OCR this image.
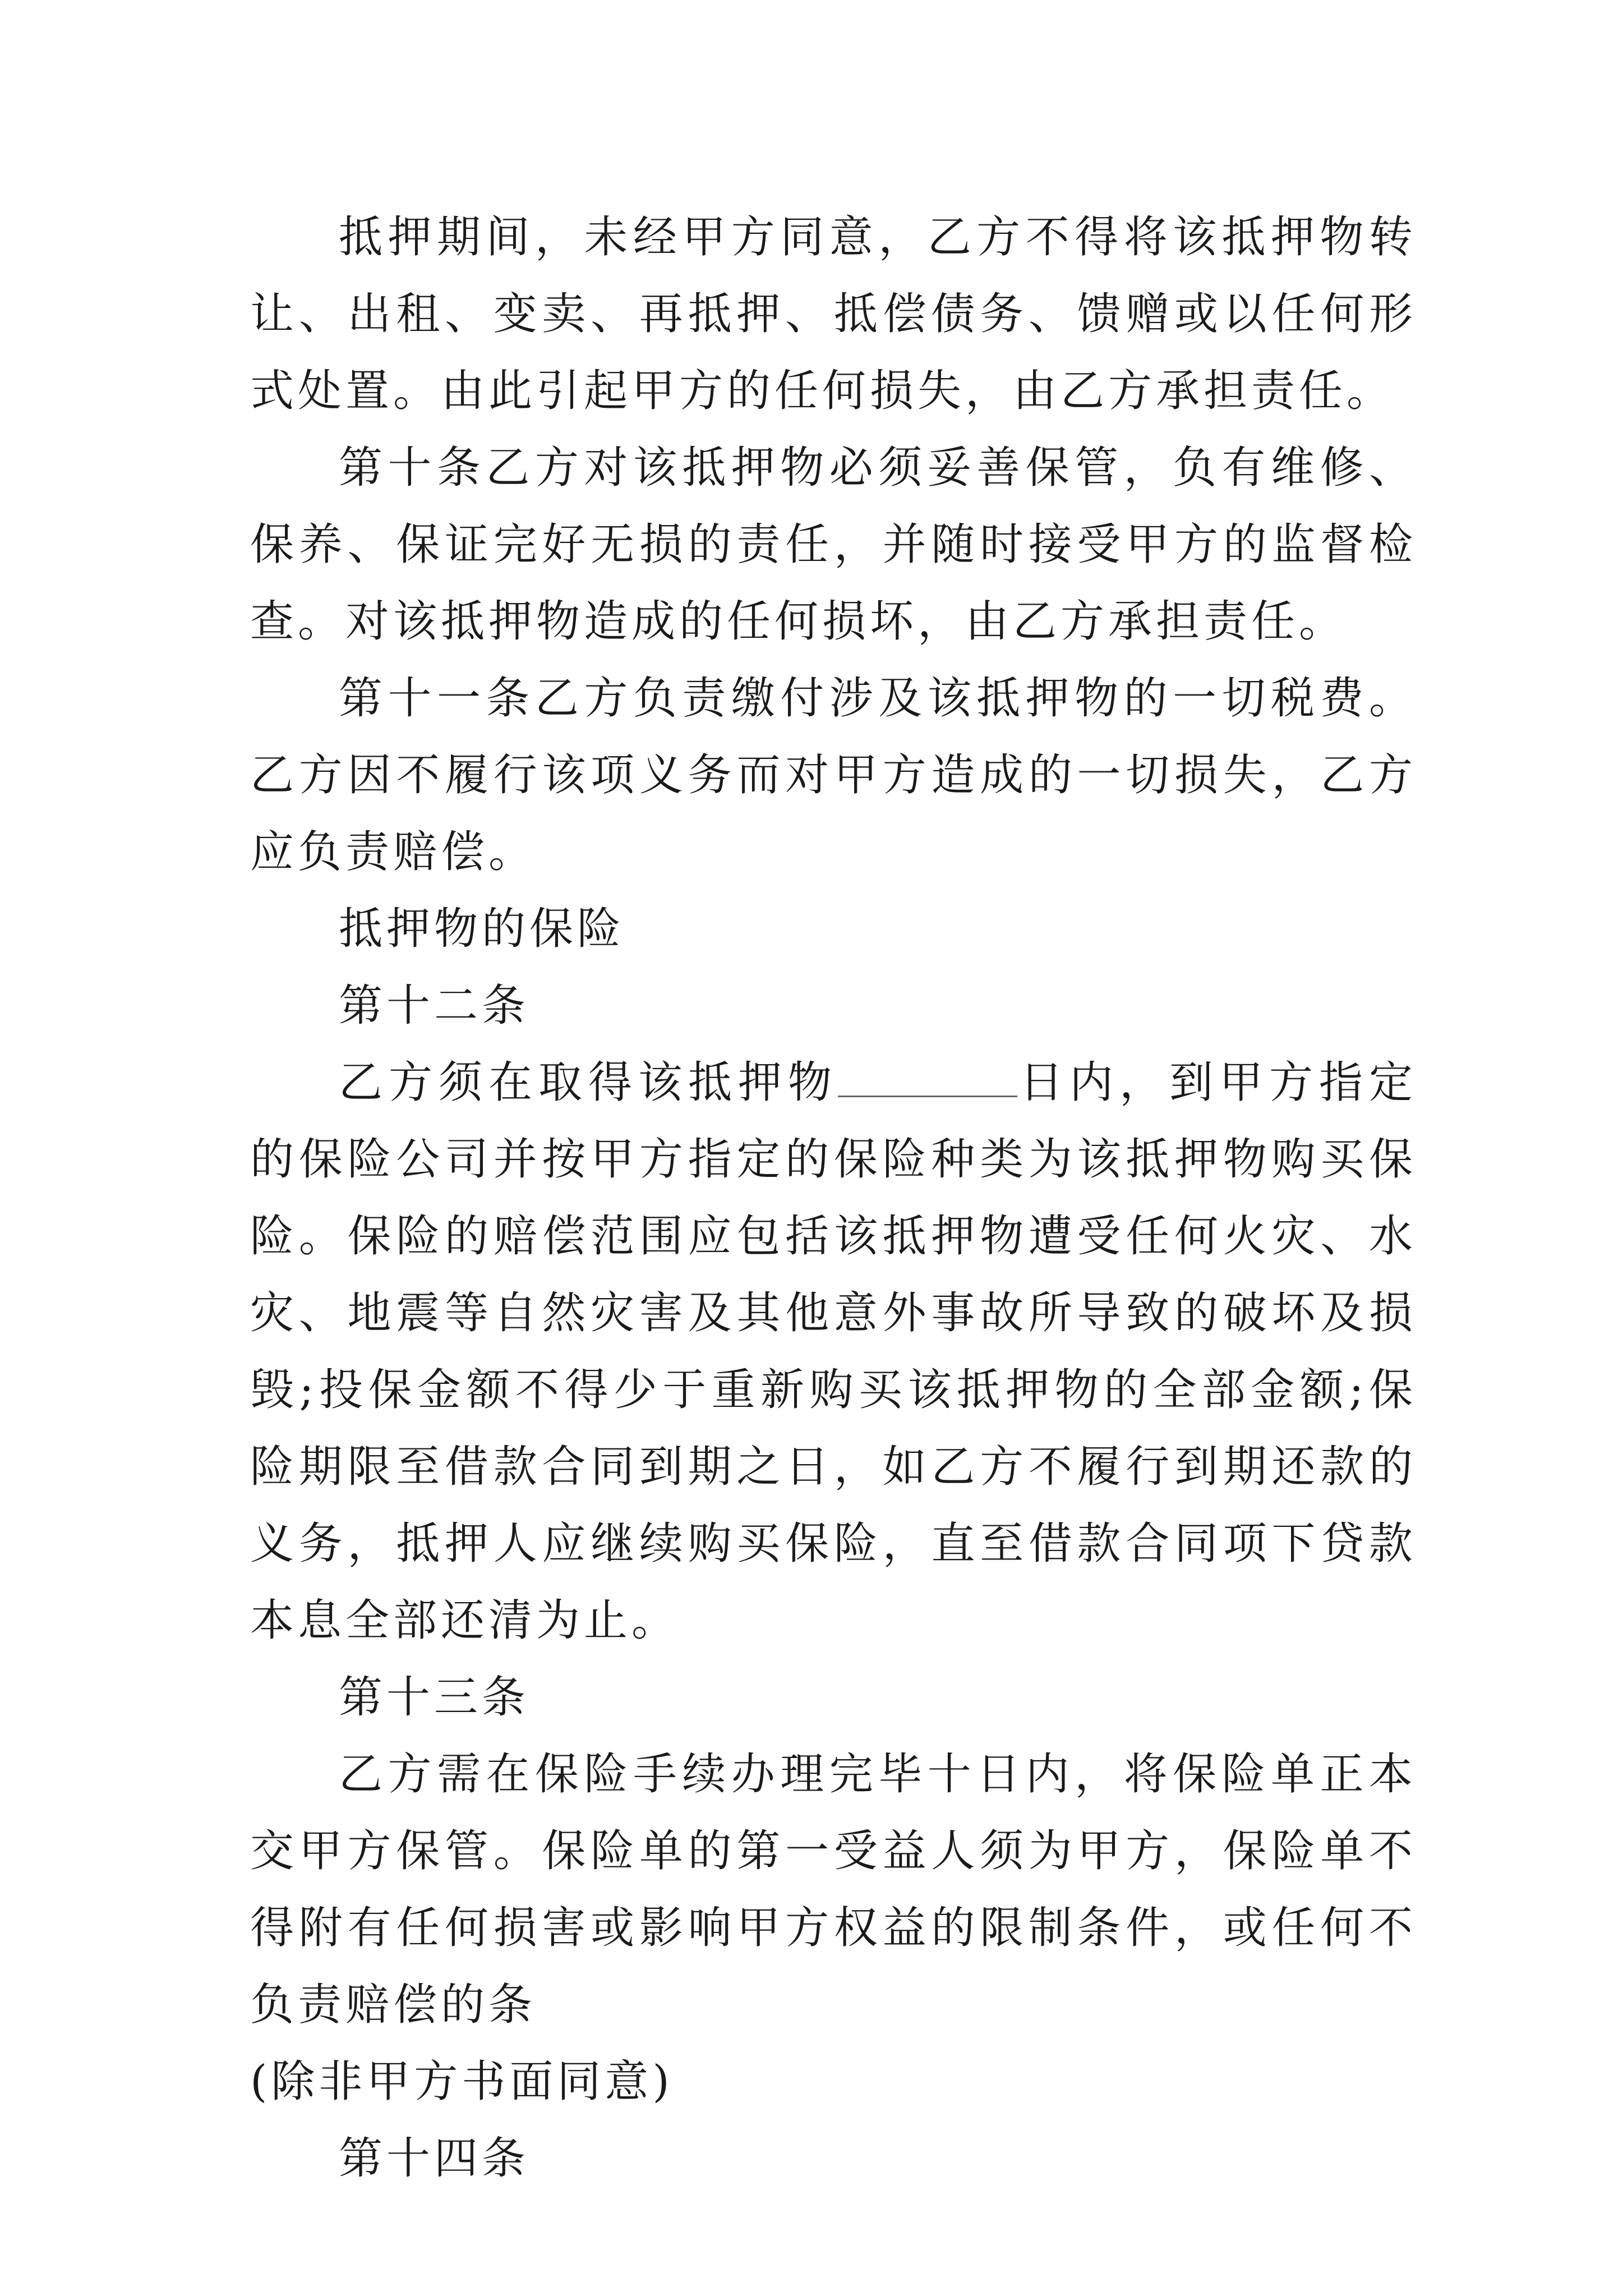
抵押期间，未经甲方同意，乙方不得将该抵押物转让、出租、变卖、再抵押、抵偿债务、馈赠或以任何形式处置。由此引起甲方的任何损失，由乙方承担责任。

第十条乙方对该抵押物必须妥善保管，负有维修、保养、保证完好无损的责任，并随时接受甲方的监督检查。对该抵押物造成的任何损坏，由乙方承担责任。

第十一条乙方负责缴付涉及该抵押物的一切税费。乙方因不履行该项义务而对甲方造成的一切损失，乙方应负责赔偿。

抵押物的保险

第十二条

乙方须在取得该抵押物	日内，到甲方指定的保险公司并按甲方指定的保险种类为该抵押物购买保险。保险的赔偿范围应包括该抵押物遭受任何火灾、水灾、地震等自然灾害及其他意外事故所导致的破坏及损毁;投保金额不得少于重新购买该抵押物的全部金额;保险期限至借款合同到期之日，如乙方不履行到期还款的义务，抵押人应继续购买保险，直至借款合同项下贷款本息全部还清为止。

第十三条

乙方需在保险手续办理完毕十日内，将保险单正本交甲方保管。保险单的第一受益人须为甲方，保险单不得附有任何损害或影响甲方权益的限制条件，或任何不负责赔偿的条

(除非甲方书面同意)

第十四条
